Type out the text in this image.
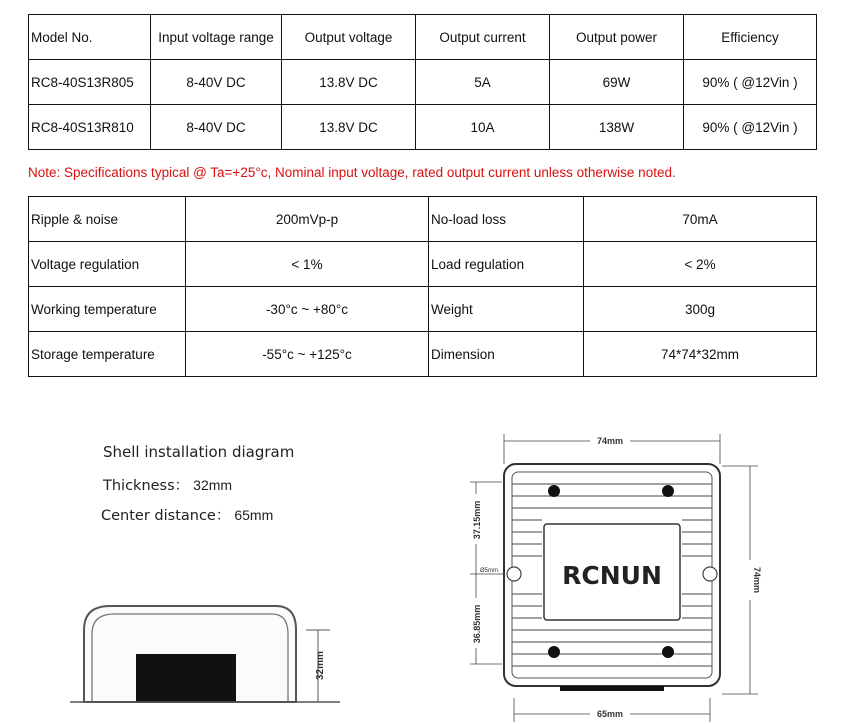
Model No.	Input voltage range	Output voltage	Output current	Output power	Efficiency
RC8-40S13R805	8-40V DC	13.8V DC	5A	69W	90% ( @12Vin )
RC8-40S13R810	8-40V DC	13.8V DC	10A	138W	90% ( @12Vin )
Note: Specifications typical @ Ta=+25°c, Nominal input voltage, rated output current unless otherwise noted.
Ripple & noise	200mVp-p	No-load loss	70mA
Voltage regulation	< 1%	Load regulation	< 2%
Working temperature	-30°c ~ +80°c	Weight	300g
Storage temperature	-55°c ~ +125°c	Dimension	74*74*32mm
Shell installation diagram
Thickness： 32mm
Center distance： 65mm
32mm
74mm
74mm
37.15mm
36.85mm
Ø5mm	RCNUN
65mm
